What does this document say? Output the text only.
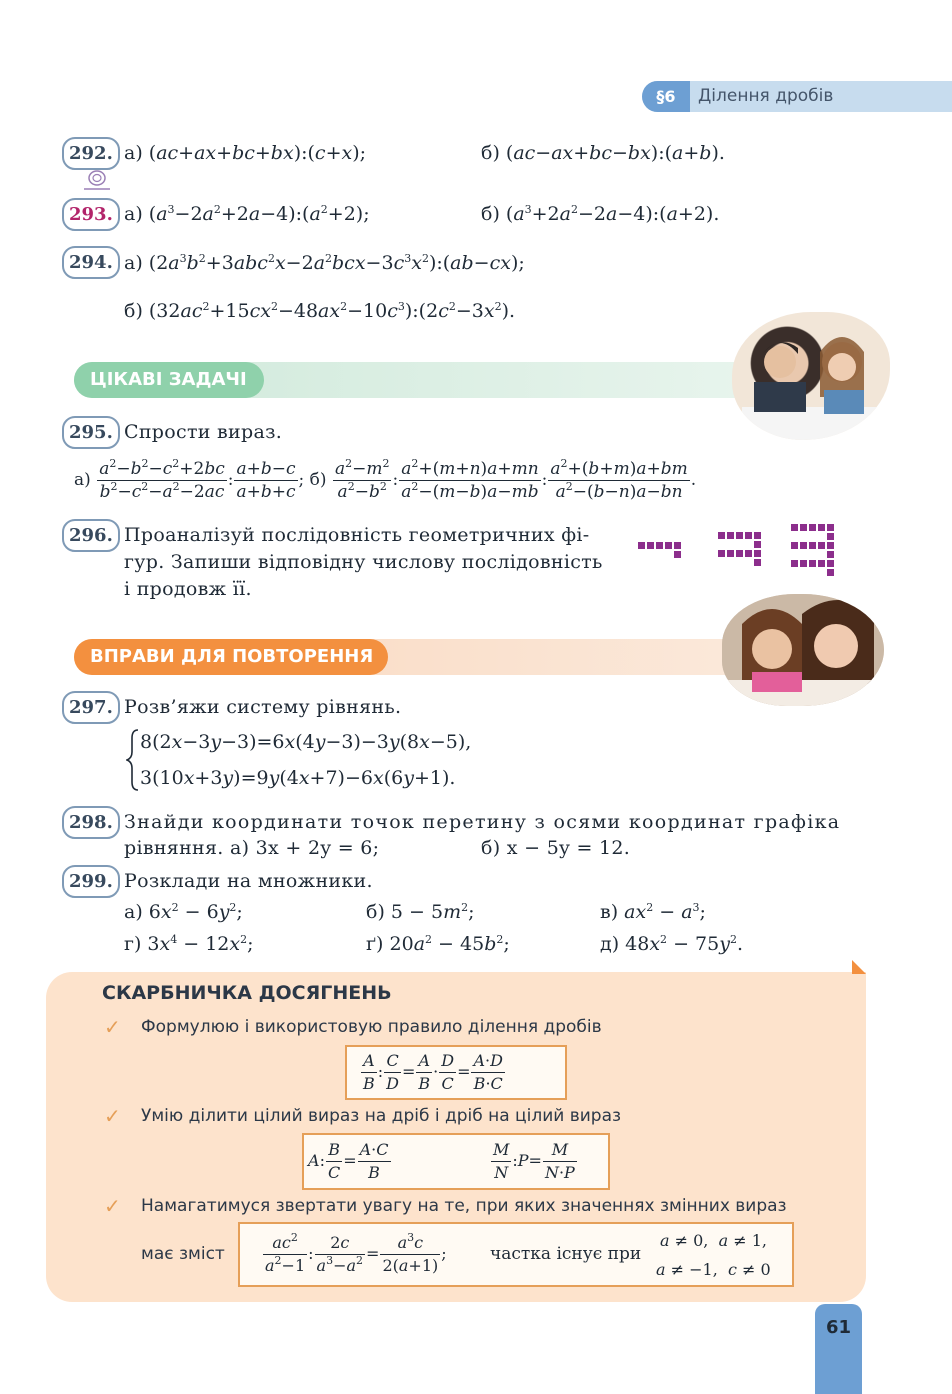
§6	Ділення дробів
292. а) (ac+ax+bc+bx):(c+x);	б) (ac−ax+bc−bx):(a+b).
293. а) $(a^3-2a^2+2a-4):(a^2+2)$;	б) $(a^3+2a^2-2a-4):(a+2)$.
294. а) $(2a^3b^2+3abc^2x-2a^2bcx-3c^3x^2):(ab-cx)$;
б) $(32ac^2+15cx^2-48ax^2-10c^3):(2c^2-3x^2)$.
ЦІКАВІ ЗАДАЧІ
295. Спрости вираз.
$а) \frac{a^2-b^2-c^2+2bc}{b^2-c^2-a^2-2ac}$ : $\frac{a+b-c}{a+b+c}$ ; $б) \frac{a^2-m^2}{a^2-b^2}$ : $\frac{a^2+(m+n)a+mn}{a^2-(m-b)a-mb}$ : $\frac{a^2+(b+m)a+bm}{a^2-(b-n)a-bn}$ .
296. Проаналізуй послідовність геометричних фі-
гур. Запиши відповідну числову послідовність
і продовж її.
ВПРАВИ ДЛЯ ПОВТОРЕННЯ
297. Розв’яжи систему рівнянь.
8(2x−3y−3)=6x(4y−3)−3y(8x−5),
3(10x+3y)=9y(4x+7)−6x(6y+1).
298. Знайди координати точок перетину з осями координат графіка
рівняння. а) 3x + 2y = 6;	б) x − 5y = 12.
299. Розклади на множники.
а) $6x^2 - 6y^2$;	б) $5 - 5m^2$;	в) $ax^2 - a^3$;
г) $3x^4 - 12x^2$;	ґ) $20a^2 - 45b^2$;	д) $48x^2 - 75y^2$.
СКАРБНИЧКА ДОСЯГНЕНЬ
✓ Формулюю і використовую правило ділення дробів
$\frac{A}{B}$ : $\frac{C}{D} = \frac{A}{B} \cdot \frac{D}{C} = \frac{A\cdot D}{B\cdot C}$
✓ Умію ділити цілий вираз на дріб і дріб на цілий вираз
A: $\frac{B}{C} = \frac{A\cdot C}{B}$	$\frac{M}{N}$ :P= $\frac{M}{N\cdot P}$
✓ Намагатимуся звертати увагу на те, при яких значеннях змінних вираз
має зміст $\frac{ac^2}{a^2-1}$ : $\frac{2c}{a^3-a^2} = \frac{a^3c}{2(a+1)}$ ;	частка існує при
a ≠ 0,  a ≠ 1,
a ≠ −1,  c ≠ 0
61
